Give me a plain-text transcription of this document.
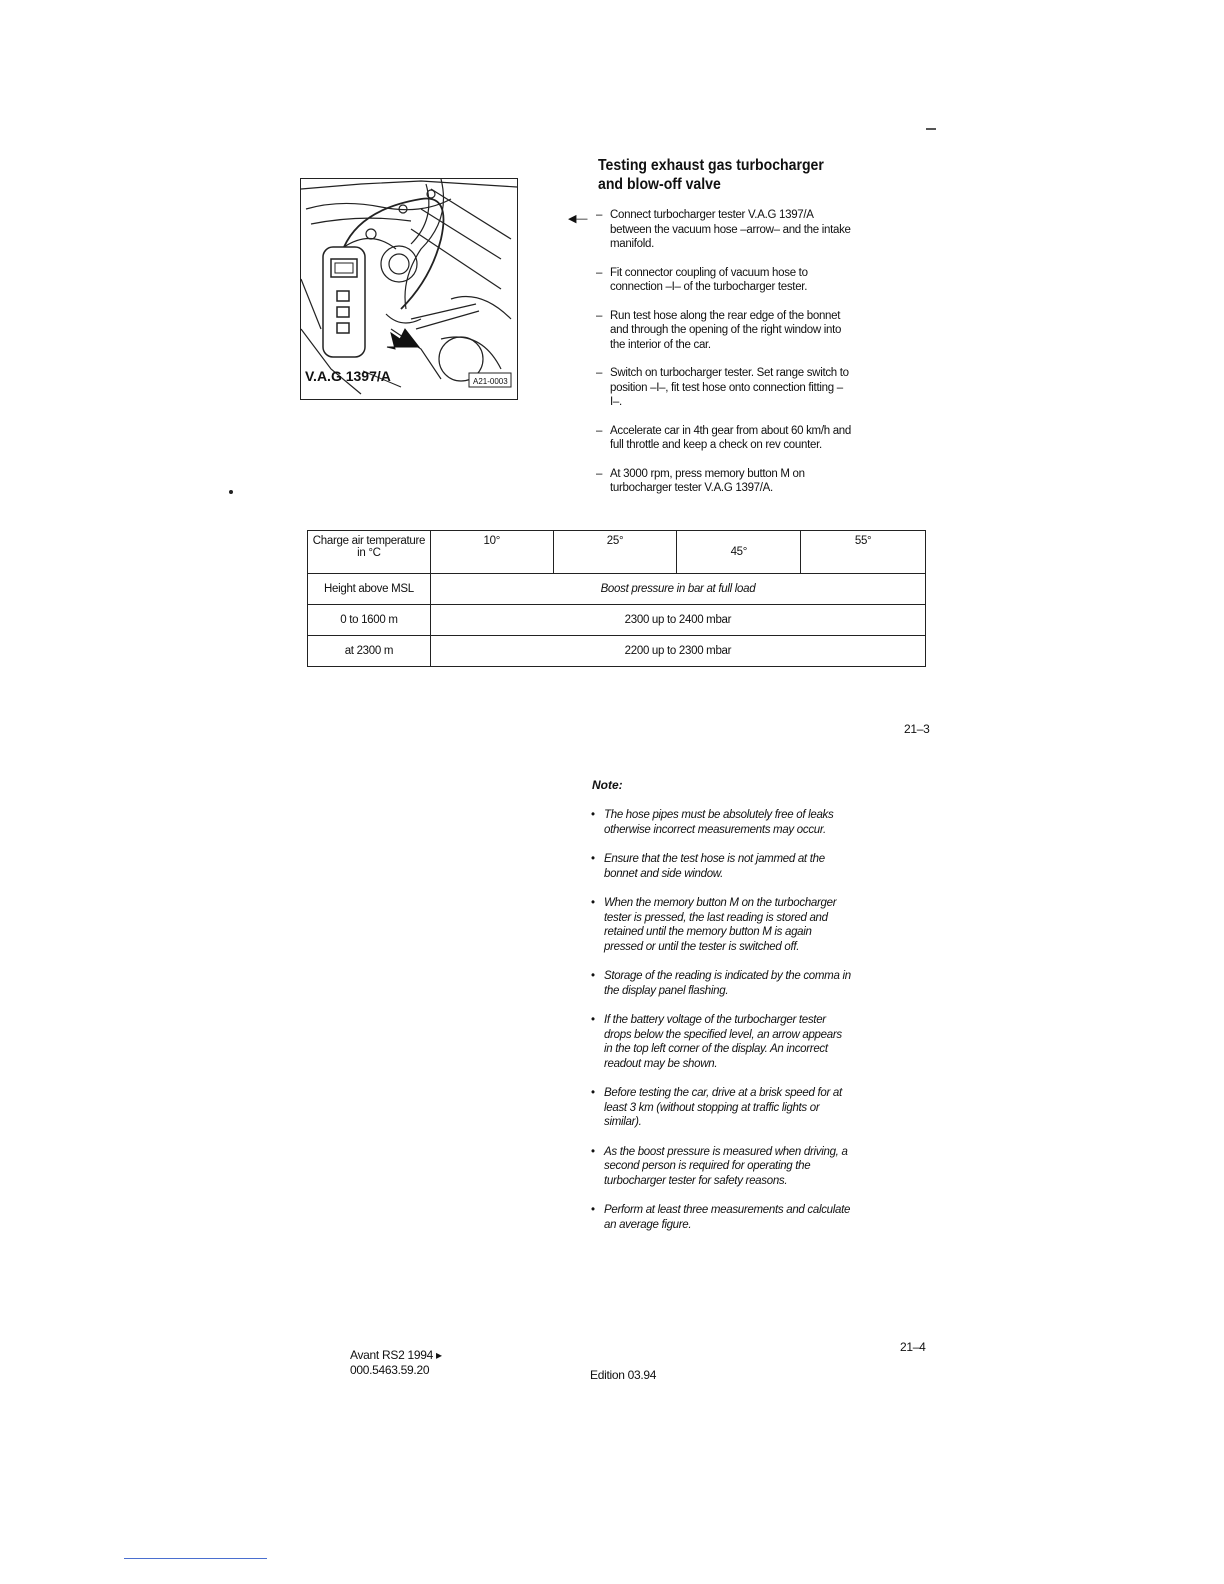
V.A.G 1397/A	A21-0003
Testing exhaust gas turbocharger and blow-off valve
◀— – Connect turbocharger tester V.A.G 1397/A between the vacuum hose –arrow– and the intake manifold.
– Fit connector coupling of vacuum hose to connection –I– of the turbocharger tester.
– Run test hose along the rear edge of the bonnet and through the opening of the right window into the interior of the car.
– Switch on turbocharger tester. Set range switch to position –I–, fit test hose onto connection fitting –I–.
– Accelerate car in 4th gear from about 60 km/h and full throttle and keep a check on rev counter.
– At 3000 rpm, press memory button M on turbocharger tester V.A.G 1397/A.
Charge air temperature in °C	10°	25°	45°	55°
Height above MSL	Boost pressure in bar at full load			
0 to 1600 m	2300 up to 2400 mbar			
at 2300 m	2200 up to 2300 mbar			
21–3
Note:
• The hose pipes must be absolutely free of leaks otherwise incorrect measurements may occur.
• Ensure that the test hose is not jammed at the bonnet and side window.
• When the memory button M on the turbocharger tester is pressed, the last reading is stored and retained until the memory button M is again pressed or until the tester is switched off.
• Storage of the reading is indicated by the comma in the display panel flashing.
• If the battery voltage of the turbocharger tester drops below the specified level, an arrow appears in the top left corner of the display. An incorrect readout may be shown.
• Before testing the car, drive at a brisk speed for at least 3 km (without stopping at traffic lights or similar).
• As the boost pressure is measured when driving, a second person is required for operating the turbocharger tester for safety reasons.
• Perform at least three measurements and calculate an average figure.
21–4
Avant RS2 1994 ▸
000.5463.59.20	Edition 03.94
